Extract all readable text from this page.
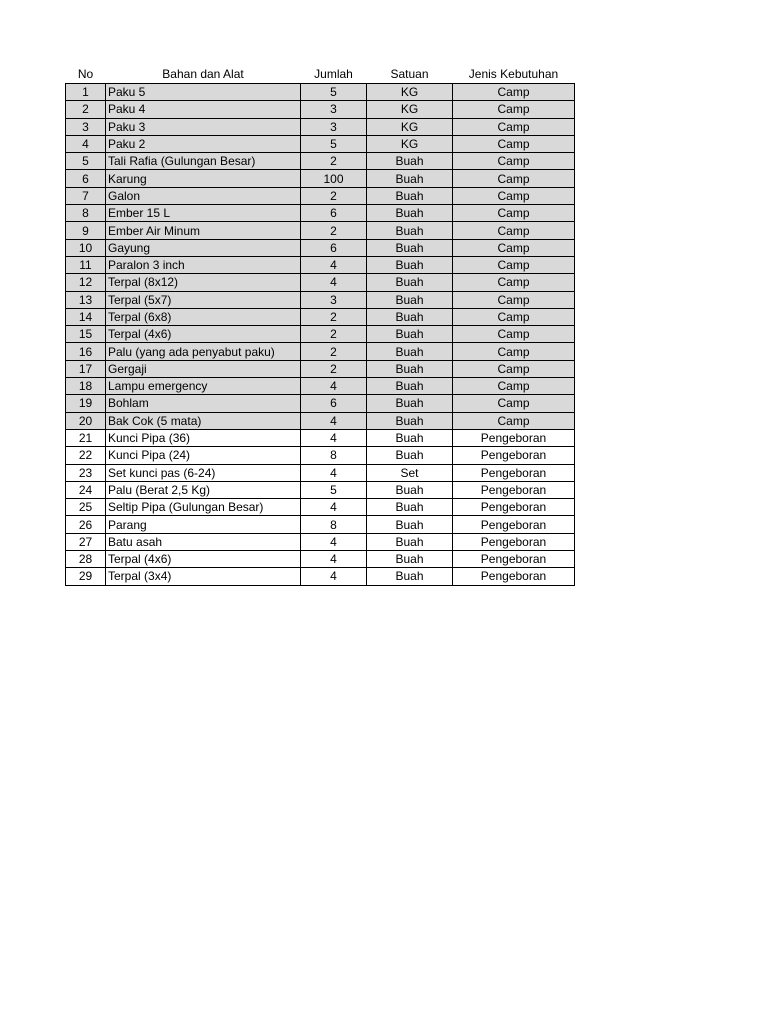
No	Bahan dan Alat	Jumlah	Satuan	Jenis Kebutuhan
1	Paku 5	5	KG	Camp
2	Paku 4	3	KG	Camp
3	Paku 3	3	KG	Camp
4	Paku 2	5	KG	Camp
5	Tali Rafia (Gulungan Besar)	2	Buah	Camp
6	Karung	100	Buah	Camp
7	Galon	2	Buah	Camp
8	Ember 15 L	6	Buah	Camp
9	Ember Air Minum	2	Buah	Camp
10	Gayung	6	Buah	Camp
11	Paralon 3 inch	4	Buah	Camp
12	Terpal (8x12)	4	Buah	Camp
13	Terpal (5x7)	3	Buah	Camp
14	Terpal (6x8)	2	Buah	Camp
15	Terpal (4x6)	2	Buah	Camp
16	Palu (yang ada penyabut paku)	2	Buah	Camp
17	Gergaji	2	Buah	Camp
18	Lampu emergency	4	Buah	Camp
19	Bohlam	6	Buah	Camp
20	Bak Cok (5 mata)	4	Buah	Camp
21	Kunci Pipa (36)	4	Buah	Pengeboran
22	Kunci Pipa (24)	8	Buah	Pengeboran
23	Set kunci pas (6-24)	4	Set	Pengeboran
24	Palu (Berat 2,5 Kg)	5	Buah	Pengeboran
25	Seltip Pipa (Gulungan Besar)	4	Buah	Pengeboran
26	Parang	8	Buah	Pengeboran
27	Batu asah	4	Buah	Pengeboran
28	Terpal (4x6)	4	Buah	Pengeboran
29	Terpal (3x4)	4	Buah	Pengeboran
